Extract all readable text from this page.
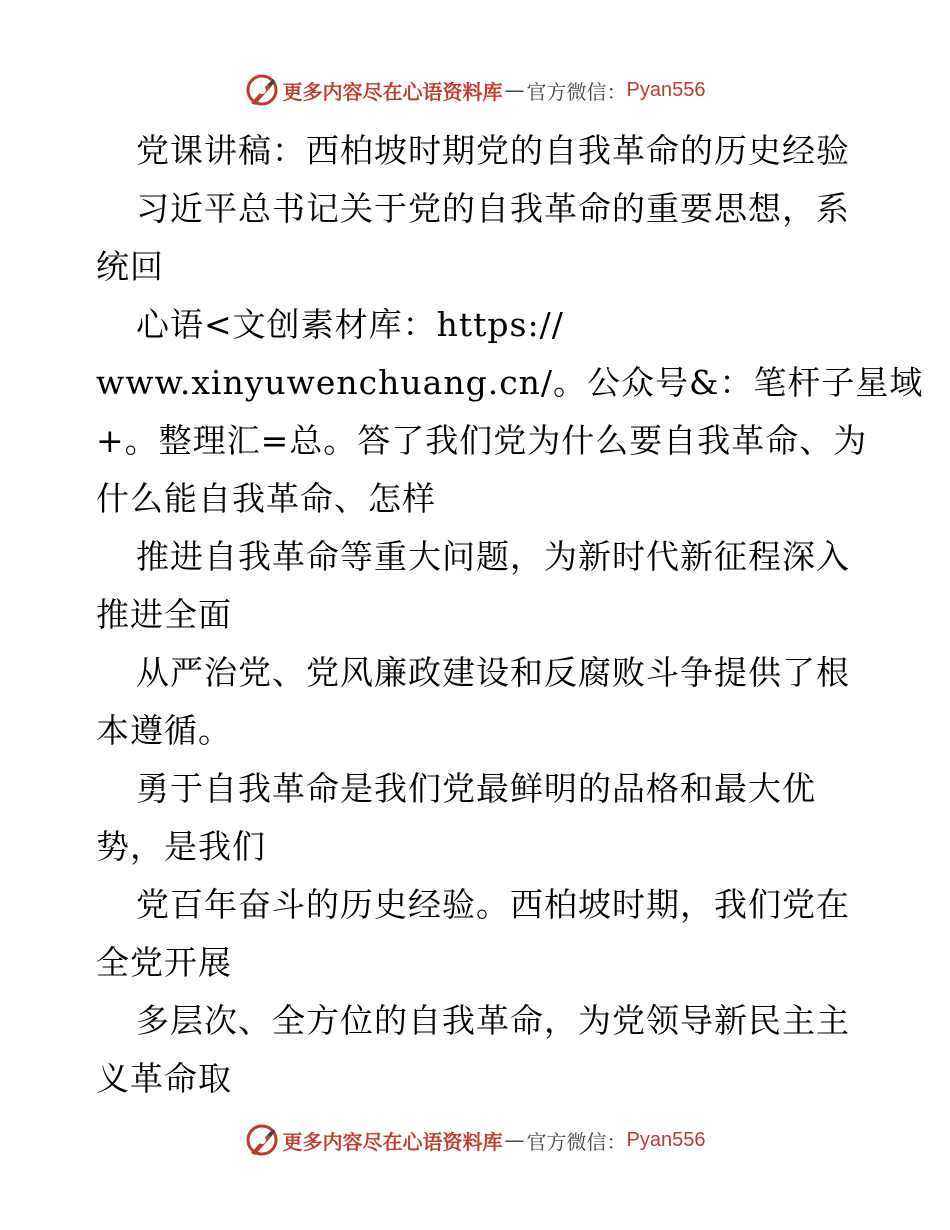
更多内容尽在心语资料库 — 官方微信： Pyan556
党课讲稿：西柏坡时期党的自我革命的历史经验
习近平总书记关于党的自我革命的重要思想，系
统回
心语<文创素材库：https://
www.xinyuwenchuang.cn/。公众号&：笔杆子星域
+。整理汇=总。答了我们党为什么要自我革命、为
什么能自我革命、怎样
推进自我革命等重大问题，为新时代新征程深入
推进全面
从严治党、党风廉政建设和反腐败斗争提供了根
本遵循。
勇于自我革命是我们党最鲜明的品格和最大优
势，是我们
党百年奋斗的历史经验。西柏坡时期，我们党在
全党开展
多层次、全方位的自我革命，为党领导新民主主
义革命取
更多内容尽在心语资料库 — 官方微信： Pyan556
